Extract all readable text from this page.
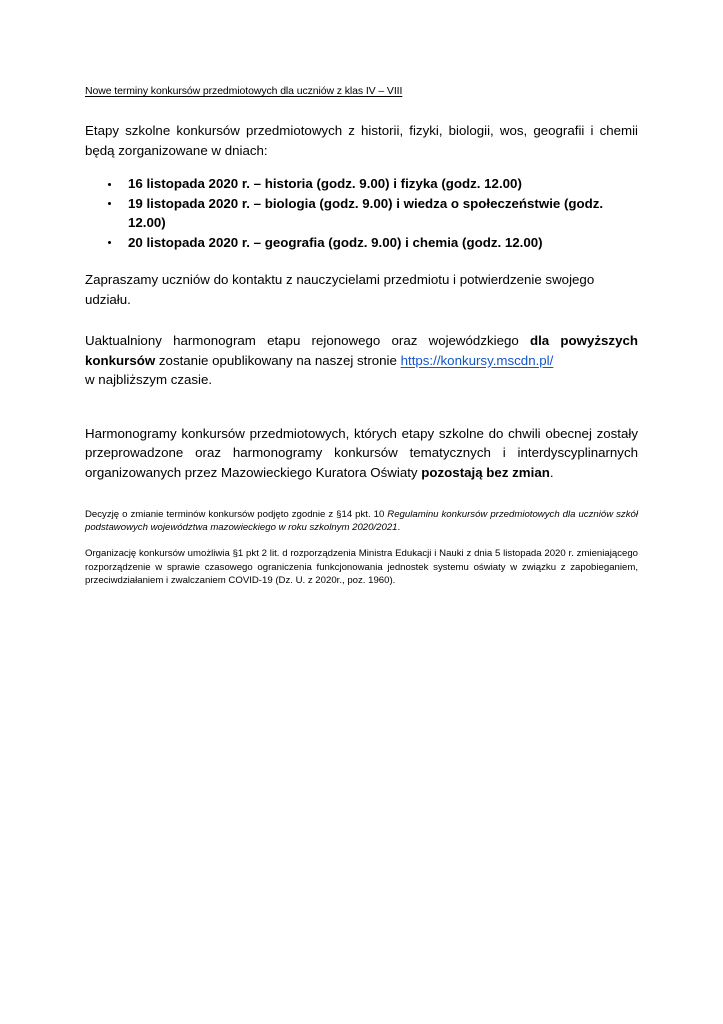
Nowe terminy konkursów przedmiotowych dla uczniów z klas IV – VIII

Etapy szkolne konkursów przedmiotowych z historii, fizyki, biologii, wos, geografii i chemii będą zorganizowane w dniach:

16 listopada 2020 r. – historia (godz. 9.00) i fizyka (godz. 12.00)
19 listopada 2020 r. – biologia (godz. 9.00) i wiedza o społeczeństwie (godz. 12.00)
20 listopada 2020 r. – geografia (godz. 9.00) i chemia (godz. 12.00)

Zapraszamy uczniów do kontaktu z nauczycielami przedmiotu i potwierdzenie swojego udziału.

Uaktualniony harmonogram etapu rejonowego oraz wojewódzkiego dla powyższych konkursów zostanie opublikowany na naszej stronie https://konkursy.mscdn.pl/
w najbliższym czasie.

Harmonogramy konkursów przedmiotowych, których etapy szkolne do chwili obecnej zostały przeprowadzone oraz harmonogramy konkursów tematycznych i interdyscyplinarnych organizowanych przez Mazowieckiego Kuratora Oświaty pozostają bez zmian.

Decyzję o zmianie terminów konkursów podjęto zgodnie z §14 pkt. 10 Regulaminu konkursów przedmiotowych dla uczniów szkół podstawowych województwa mazowieckiego w roku szkolnym 2020/2021.

Organizację konkursów umożliwia §1 pkt 2 lit. d rozporządzenia Ministra Edukacji i Nauki z dnia 5 listopada 2020 r. zmieniającego rozporządzenie w sprawie czasowego ograniczenia funkcjonowania jednostek systemu oświaty w związku z zapobieganiem, przeciwdziałaniem i zwalczaniem COVID-19 (Dz. U. z 2020r., poz. 1960).
